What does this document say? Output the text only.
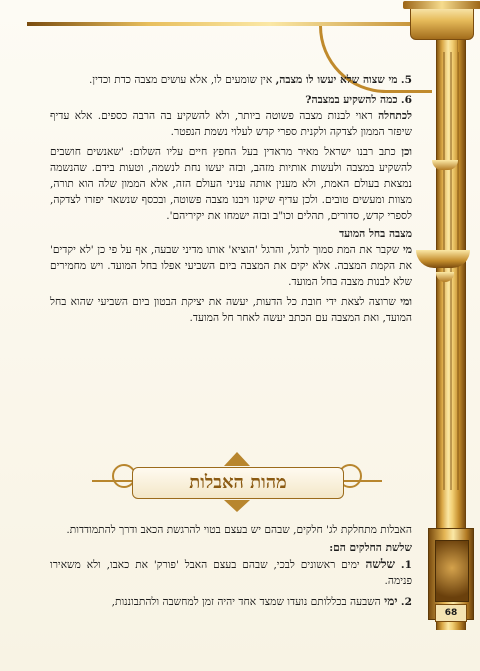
68

5. מי שצוה שלא יעשו לו מצבה, אין שומעים לו, אלא עושים מצבה כדת וכדין.

6. כמה להשקיע במצבה?

לכתחלה ראוי לבנות מצבה פשוטה ביותר, ולא להשקיע בה הרבה כספים. אלא עדיף שיפזר הממון לצדקה ולקנית ספרי קדש לעלוי נשמת הנפטר.

וכן כתב רבנו ישראל מאיר מראדין בעל החפץ חיים עליו השלום: 'שאנשים חושבים להשקיע במצבה ולעשות אותיות מזהב, ובזה יעשו נחת לנשמה, וטעות בידם. שהנשמה נמצאת בעולם האמת, ולא מענין אותה עניני העולם הזה, אלא הממון שלה הוא תורה, מצוות ומעשים טובים. ולכן עדיף שיקנו ויבנו מצבה פשוטה, ובכסף שנשאר יפזרו לצדקה, לספרי קדש, סדורים, תהלים וכו"ב ובזה ישמחו את יקיריהם'.

מצבה בחל המועד

מי שקבר את המת סמוך לרגל, והרגל 'הוציא' אותו מדיני שבעה, אף על פי כן 'לא יקדים' את הקמת המצבה. אלא יקים את המצבה ביום השביעי אפלו בחל המועד. ויש מחמירים שלא לבנות מצבה בחל המועד.

ומי שרוצה לצאת ידי חובת כל הדעות, יעשה את יציקת הבטון ביום השביעי שהוא בחל המועד, ואת המצבה עם הכתב יעשה לאחר חל המועד.

מהות האבלות

האבלות מתחלקת לג' חלקים, שבהם יש בעצם בטוי להרגשת הכאב ודרך להתמודדות.

שלשת החלקים הם:

1. שלשה ימים ראשונים לבכי, שבהם בעצם האבל 'פורק' את כאבו, ולא משאירו פנימה.

2. ימי השבעה בכללותם נועדו שמצד אחד יהיה זמן למחשבה ולהתבוננות,
